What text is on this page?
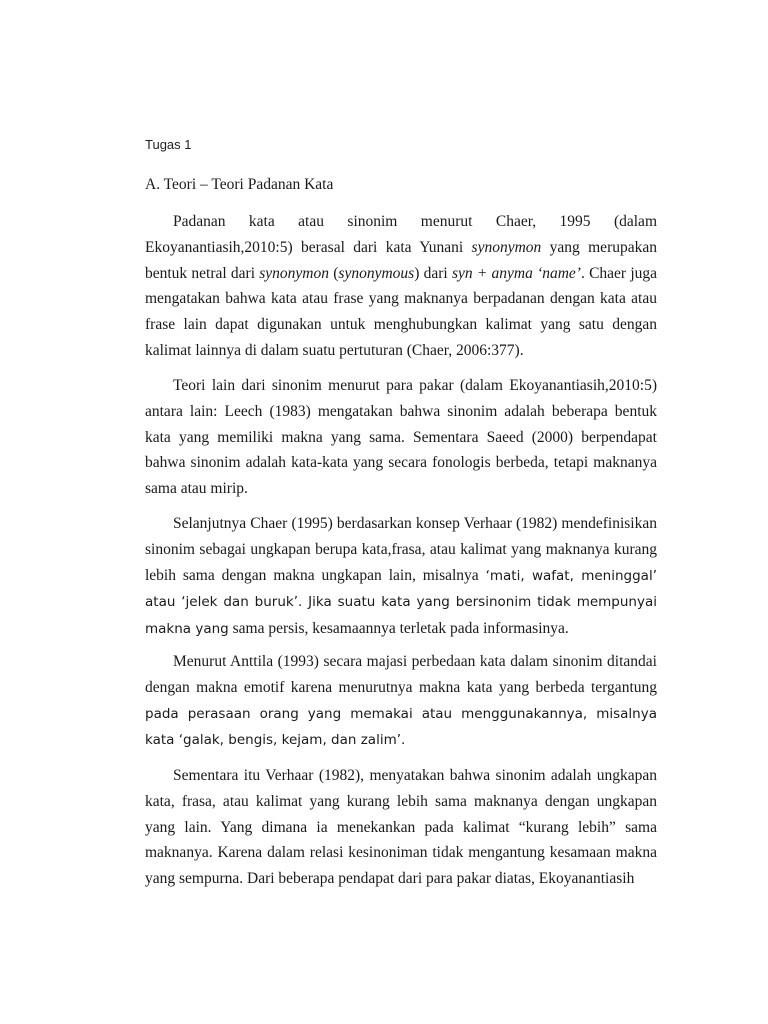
Tugas 1

A. Teori – Teori Padanan Kata

Padanan kata atau sinonim menurut Chaer, 1995 (dalam Ekoyanantiasih,2010:5) berasal dari kata Yunani synonymon yang merupakan bentuk netral dari synonymon (synonymous) dari syn + anyma ‘name’. Chaer juga mengatakan bahwa kata atau frase yang maknanya berpadanan dengan kata atau frase lain dapat digunakan untuk menghubungkan kalimat yang satu dengan kalimat lainnya di dalam suatu pertuturan (Chaer, 2006:377).

Teori lain dari sinonim menurut para pakar (dalam Ekoyanantiasih,2010:5) antara lain: Leech (1983) mengatakan bahwa sinonim adalah beberapa bentuk kata yang memiliki makna yang sama. Sementara Saeed (2000) berpendapat bahwa sinonim adalah kata-kata yang secara fonologis berbeda, tetapi maknanya sama atau mirip.

Selanjutnya Chaer (1995) berdasarkan konsep Verhaar (1982) mendefinisikan sinonim sebagai ungkapan berupa kata,frasa, atau kalimat yang maknanya kurang lebih sama dengan makna ungkapan lain, misalnya ‘mati, wafat, meninggal’ atau ‘jelek dan buruk’. Jika suatu kata yang bersinonim tidak mempunyai makna yang sama persis, kesamaannya terletak pada informasinya.

Menurut Anttila (1993) secara majasi perbedaan kata dalam sinonim ditandai dengan makna emotif karena menurutnya makna kata yang berbeda tergantung pada perasaan orang yang memakai atau menggunakannya, misalnya kata ‘galak, bengis, kejam, dan zalim’.

Sementara itu Verhaar (1982), menyatakan bahwa sinonim adalah ungkapan kata, frasa, atau kalimat yang kurang lebih sama maknanya dengan ungkapan yang lain. Yang dimana ia menekankan pada kalimat “kurang lebih” sama maknanya. Karena dalam relasi kesinoniman tidak mengantung kesamaan makna yang sempurna. Dari beberapa pendapat dari para pakar diatas, Ekoyanantiasih
